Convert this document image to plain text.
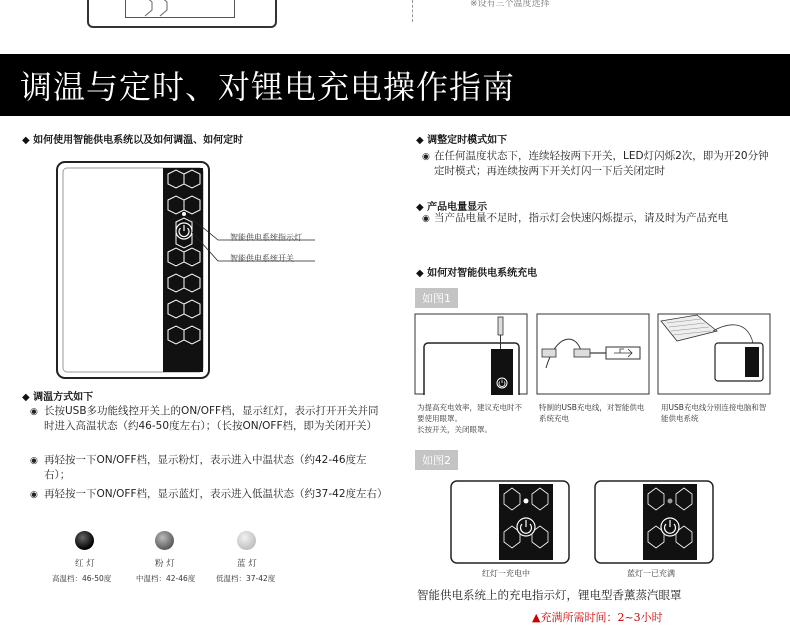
※设有三个温度选择
调温与定时、对锂电充电操作指南
◆ 如何使用智能供电系统以及如何调温、如何定时
智能供电系统指示灯
智能供电系统开关
◆ 调温方式如下
◉ 长按USB多功能线控开关上的ON/OFF档，显示红灯，表示打开开关并同时进入高温状态（约46-50度左右）；（长按ON/OFF档，即为关闭开关）
◉ 再轻按一下ON/OFF档，显示粉灯，表示进入中温状态（约42-46度左右）；
◉ 再轻按一下ON/OFF档，显示蓝灯，表示进入低温状态（约37-42度左右）
红 灯	粉 灯	蓝 灯
高温档：46-50度	中温档：42-46度	低温档：37-42度
◆ 调整定时模式如下
◉ 在任何温度状态下，连续轻按两下开关，LED灯闪烁2次，即为开20分钟定时模式；再连续按两下开关灯闪一下后关闭定时
◆ 产品电量显示
◉ 当产品电量不足时，指示灯会快速闪烁提示，请及时为产品充电
◆ 如何对智能供电系统充电
如图1
为提高充电效率，建议充电时不要使用眼罩。
长按开关，关闭眼罩。
特制的USB充电线，对智能供电系统充电
用USB充电线分别连接电脑和智能供电系统
如图2
红灯一充电中	蓝灯一已充满
智能供电系统上的充电指示灯，锂电型香薰蒸汽眼罩
▲充满所需时间：2~3小时
